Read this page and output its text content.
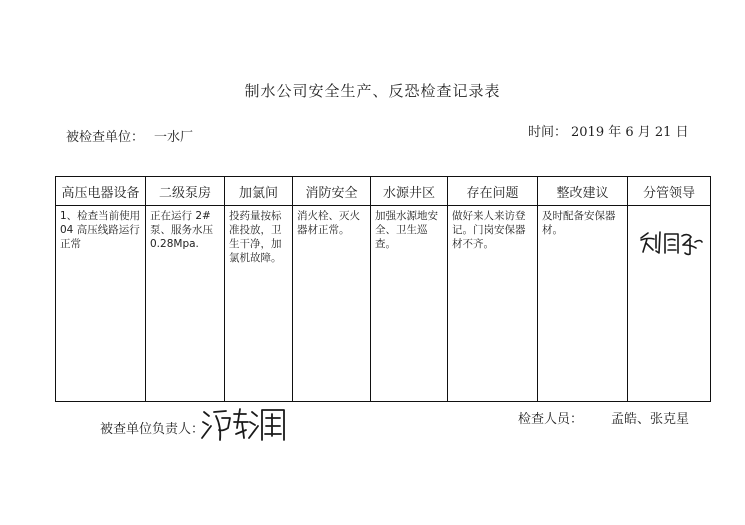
制水公司安全生产、反恐检查记录表
被检查单位： 一水厂	时间： 2019 年 6 月 21 日
高压电器设备	二级泵房	加氯间	消防安全	水源井区	存在问题	整改建议	分管领导
1、检查当前使用 04 高压线路运行正常	正在运行 2#泵、服务水压 0.28Mpa.	投药量按标准投放，卫生干净，加氯机故障。	消火栓、灭火器材正常。	加强水源地安全、卫生巡查。	做好来人来访登记。门岗安保器材不齐。	及时配备安保器材。	
被查单位负责人：
检查人员： 孟皓、张克星
